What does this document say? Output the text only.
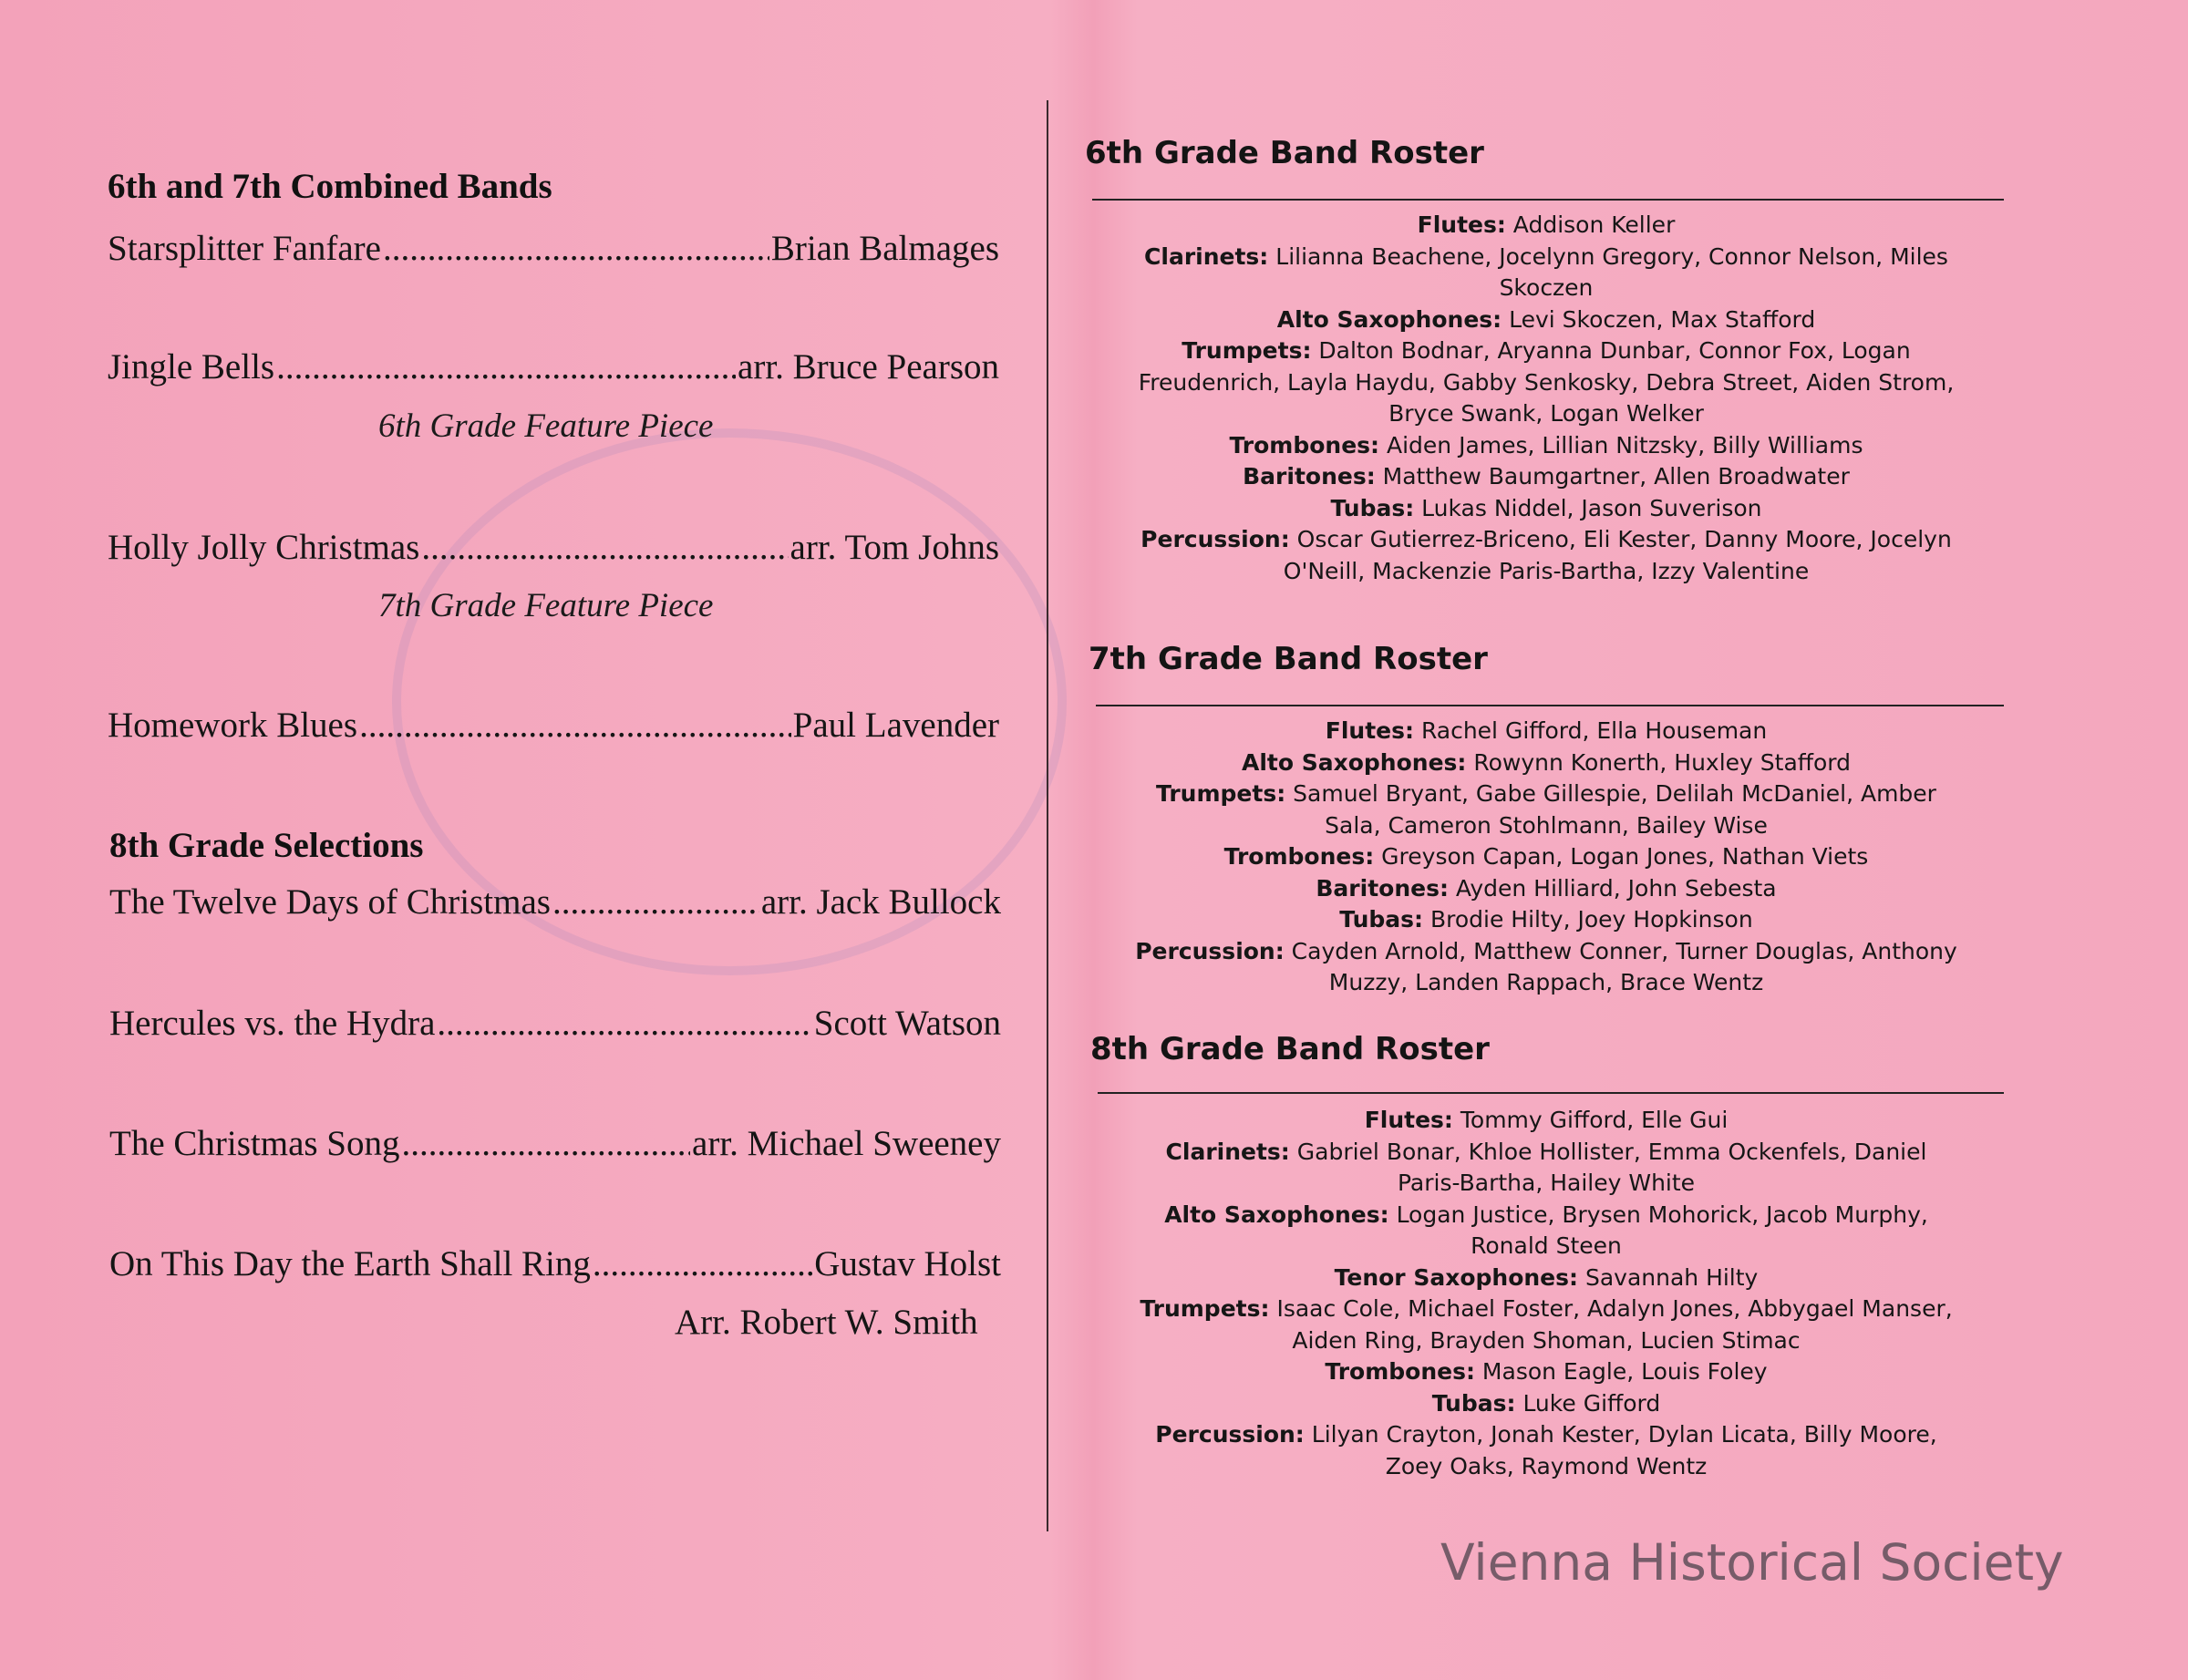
6th and 7th Combined Bands
Starsplitter Fanfare .....	Brian Balmages
Jingle Bells .....	arr. Bruce Pearson
6th Grade Feature Piece
Holly Jolly Christmas .....	arr. Tom Johns
7th Grade Feature Piece
Homework Blues .....	Paul Lavender
8th Grade Selections
The Twelve Days of Christmas .....	arr. Jack Bullock
Hercules vs. the Hydra .....	Scott Watson
The Christmas Song .....	arr. Michael Sweeney
On This Day the Earth Shall Ring .....	Gustav Holst
Arr. Robert W. Smith
6th Grade Band Roster
Flutes: Addison Keller
Clarinets: Lilianna Beachene, Jocelynn Gregory, Connor Nelson, Miles
Skoczen
Alto Saxophones: Levi Skoczen, Max Stafford
Trumpets: Dalton Bodnar, Aryanna Dunbar, Connor Fox, Logan
Freudenrich, Layla Haydu, Gabby Senkosky, Debra Street, Aiden Strom,
Bryce Swank, Logan Welker
Trombones: Aiden James, Lillian Nitzsky, Billy Williams
Baritones: Matthew Baumgartner, Allen Broadwater
Tubas: Lukas Niddel, Jason Suverison
Percussion: Oscar Gutierrez-Briceno, Eli Kester, Danny Moore, Jocelyn
O'Neill, Mackenzie Paris-Bartha, Izzy Valentine
7th Grade Band Roster
Flutes: Rachel Gifford, Ella Houseman
Alto Saxophones: Rowynn Konerth, Huxley Stafford
Trumpets: Samuel Bryant, Gabe Gillespie, Delilah McDaniel, Amber
Sala, Cameron Stohlmann, Bailey Wise
Trombones: Greyson Capan, Logan Jones, Nathan Viets
Baritones: Ayden Hilliard, John Sebesta
Tubas: Brodie Hilty, Joey Hopkinson
Percussion: Cayden Arnold, Matthew Conner, Turner Douglas, Anthony
Muzzy, Landen Rappach, Brace Wentz
8th Grade Band Roster
Flutes: Tommy Gifford, Elle Gui
Clarinets: Gabriel Bonar, Khloe Hollister, Emma Ockenfels, Daniel
Paris-Bartha, Hailey White
Alto Saxophones: Logan Justice, Brysen Mohorick, Jacob Murphy,
Ronald Steen
Tenor Saxophones: Savannah Hilty
Trumpets: Isaac Cole, Michael Foster, Adalyn Jones, Abbygael Manser,
Aiden Ring, Brayden Shoman, Lucien Stimac
Trombones: Mason Eagle, Louis Foley
Tubas: Luke Gifford
Percussion: Lilyan Crayton, Jonah Kester, Dylan Licata, Billy Moore,
Zoey Oaks, Raymond Wentz
Vienna Historical Society
